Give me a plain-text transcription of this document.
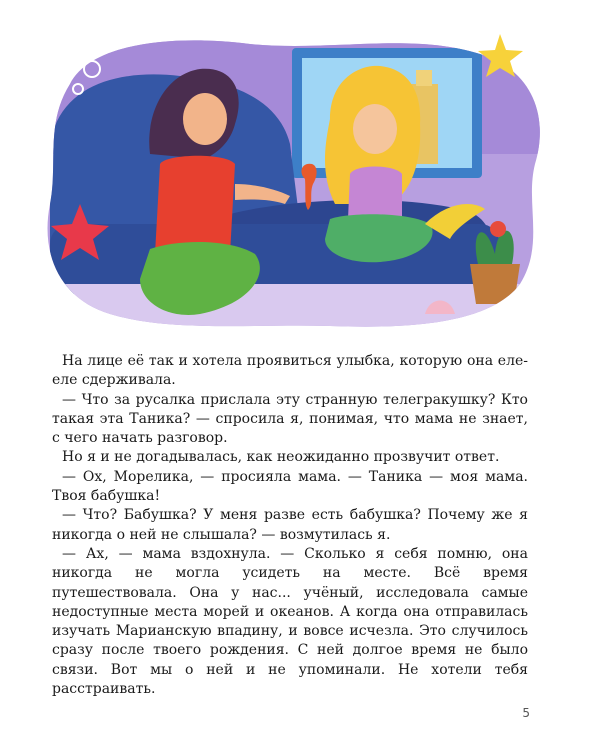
На лице её так и хотела проявиться улыбка, которую она еле-еле сдерживала.

— Что за русалка прислала эту странную телегракушку? Кто такая эта Таника? — спросила я, понимая, что мама не знает, с чего начать разговор.

Но я и не догадывалась, как неожиданно прозвучит ответ.

— Ох, Морелика, — просияла мама. — Таника — моя мама. Твоя бабушка!

— Что? Бабушка? У меня разве есть бабушка? Почему же я никогда о ней не слышала? — возмутилась я.

— Ах, — мама вздохнула. — Сколько я себя помню, она никогда не могла усидеть на месте. Всё время путешествовала. Она у нас... учёный, исследовала самые недоступные места морей и океанов. А когда она отправилась изучать Марианскую впадину, и вовсе исчезла. Это случилось сразу после твоего рождения. С ней долгое время не было связи. Вот мы о ней и не упоминали. Не хотели тебя расстраивать.

5
